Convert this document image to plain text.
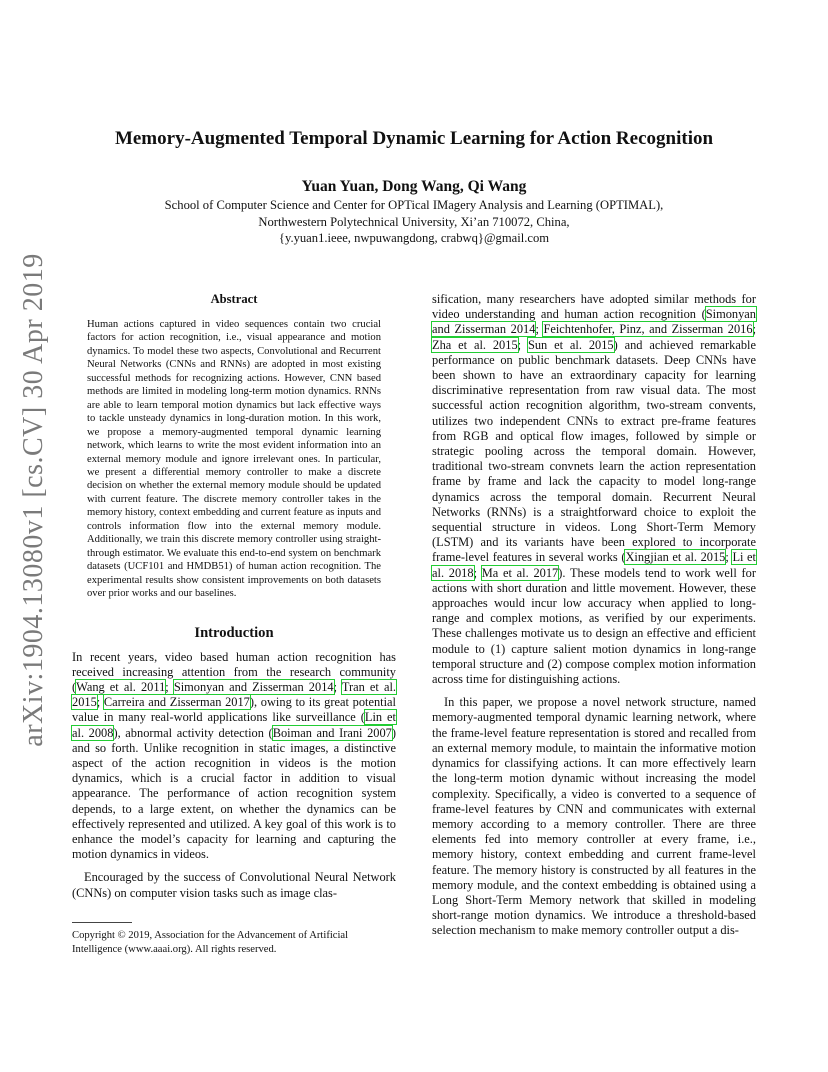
arXiv:1904.13080v1 [cs.CV] 30 Apr 2019
Memory-Augmented Temporal Dynamic Learning for Action Recognition
Yuan Yuan, Dong Wang, Qi Wang
School of Computer Science and Center for OPTical IMagery Analysis and Learning (OPTIMAL),
Northwestern Polytechnical University, Xi’an 710072, China,
{y.yuan1.ieee, nwpuwangdong, crabwq}@gmail.com
Abstract
Human actions captured in video sequences contain two crucial factors for action recognition, i.e., visual appearance and motion dynamics. To model these two aspects, Convolutional and Recurrent Neural Networks (CNNs and RNNs) are adopted in most existing successful methods for recognizing actions. However, CNN based methods are limited in modeling long-term motion dynamics. RNNs are able to learn temporal motion dynamics but lack effective ways to tackle unsteady dynamics in long-duration motion. In this work, we propose a memory-augmented temporal dynamic learning network, which learns to write the most evident information into an external memory module and ignore irrelevant ones. In particular, we present a differential memory controller to make a discrete decision on whether the external memory module should be updated with current feature. The discrete memory controller takes in the memory history, context embedding and current feature as inputs and controls information flow into the external memory module. Additionally, we train this discrete memory controller using straight-through estimator. We evaluate this end-to-end system on benchmark datasets (UCF101 and HMDB51) of human action recognition. The experimental results show consistent improvements on both datasets over prior works and our baselines.
Introduction

In recent years, video based human action recognition has received increasing attention from the research community (Wang et al. 2011; Simonyan and Zisserman 2014; Tran et al. 2015; Carreira and Zisserman 2017), owing to its great potential value in many real-world applications like surveillance (Lin et al. 2008), abnormal activity detection (Boiman and Irani 2007) and so forth. Unlike recognition in static images, a distinctive aspect of the action recognition in videos is the motion dynamics, which is a crucial factor in addition to visual appearance. The performance of action recognition system depends, to a large extent, on whether the dynamics can be effectively represented and utilized. A key goal of this work is to enhance the model’s capacity for learning and capturing the motion dynamics in videos.

Encouraged by the success of Convolutional Neural Network (CNNs) on computer vision tasks such as image clas-

Copyright © 2019, Association for the Advancement of Artificial Intelligence (www.aaai.org). All rights reserved.

sification, many researchers have adopted similar methods for video understanding and human action recognition (Simonyan and Zisserman 2014; Feichtenhofer, Pinz, and Zisserman 2016; Zha et al. 2015; Sun et al. 2015) and achieved remarkable performance on public benchmark datasets. Deep CNNs have been shown to have an extraordinary capacity for learning discriminative representation from raw visual data. The most successful action recognition algorithm, two-stream convents, utilizes two independent CNNs to extract pre-frame features from RGB and optical flow images, followed by simple or strategic pooling across the temporal domain. However, traditional two-stream convnets learn the action representation frame by frame and lack the capacity to model long-range dynamics across the temporal domain. Recurrent Neural Networks (RNNs) is a straightforward choice to exploit the sequential structure in videos. Long Short-Term Memory (LSTM) and its variants have been explored to incorporate frame-level features in several works (Xingjian et al. 2015; Li et al. 2018; Ma et al. 2017). These models tend to work well for actions with short duration and little movement. However, these approaches would incur low accuracy when applied to long-range and complex motions, as verified by our experiments. These challenges motivate us to design an effective and efficient module to (1) capture salient motion dynamics in long-range temporal structure and (2) compose complex motion information across time for distinguishing actions.

In this paper, we propose a novel network structure, named memory-augmented temporal dynamic learning network, where the frame-level feature representation is stored and recalled from an external memory module, to maintain the informative motion dynamics for classifying actions. It can more effectively learn the long-term motion dynamic without increasing the model complexity. Specifically, a video is converted to a sequence of frame-level features by CNN and communicates with external memory according to a memory controller. There are three elements fed into memory controller at every frame, i.e., memory history, context embedding and current frame-level feature. The memory history is constructed by all features in the memory module, and the context embedding is obtained using a Long Short-Term Memory network that skilled in modeling short-range motion dynamics. We introduce a threshold-based selection mechanism to make memory controller output a dis-
